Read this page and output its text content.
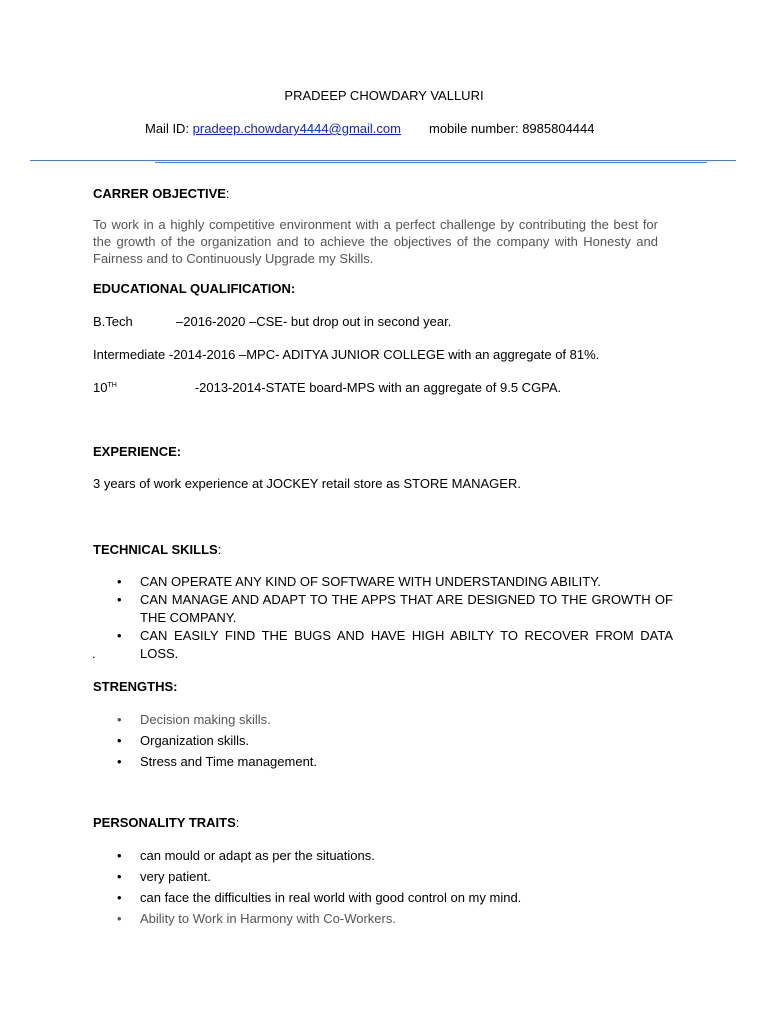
PRADEEP CHOWDARY VALLURI
Mail ID: pradeep.chowdary4444@gmail.com mobile number: 8985804444
CARRER OBJECTIVE:
To work in a highly competitive environment with a perfect challenge by contributing the best for the growth of the organization and to achieve the objectives of the company with Honesty and Fairness and to Continuously Upgrade my Skills.
EDUCATIONAL QUALIFICATION:
B.Tech	–2016-2020 –CSE- but drop out in second year.
Intermediate -2014-2016 –MPC- ADITYA JUNIOR COLLEGE with an aggregate of 81%.
10TH	-2013-2014-STATE board-MPS with an aggregate of 9.5 CGPA.
EXPERIENCE:
3 years of work experience at JOCKEY retail store as STORE MANAGER.
TECHNICAL SKILLS:
• CAN OPERATE ANY KIND OF SOFTWARE WITH UNDERSTANDING ABILITY.
• CAN MANAGE AND ADAPT TO THE APPS THAT ARE DESIGNED TO THE GROWTH OF THE COMPANY.
• CAN EASILY FIND THE BUGS AND HAVE HIGH ABILTY TO RECOVER FROM DATA LOSS.
.
STRENGTHS:
• Decision making skills.
• Organization skills.
• Stress and Time management.
PERSONALITY TRAITS:
• can mould or adapt as per the situations.
• very patient.
• can face the difficulties in real world with good control on my mind.
• Ability to Work in Harmony with Co-Workers.
